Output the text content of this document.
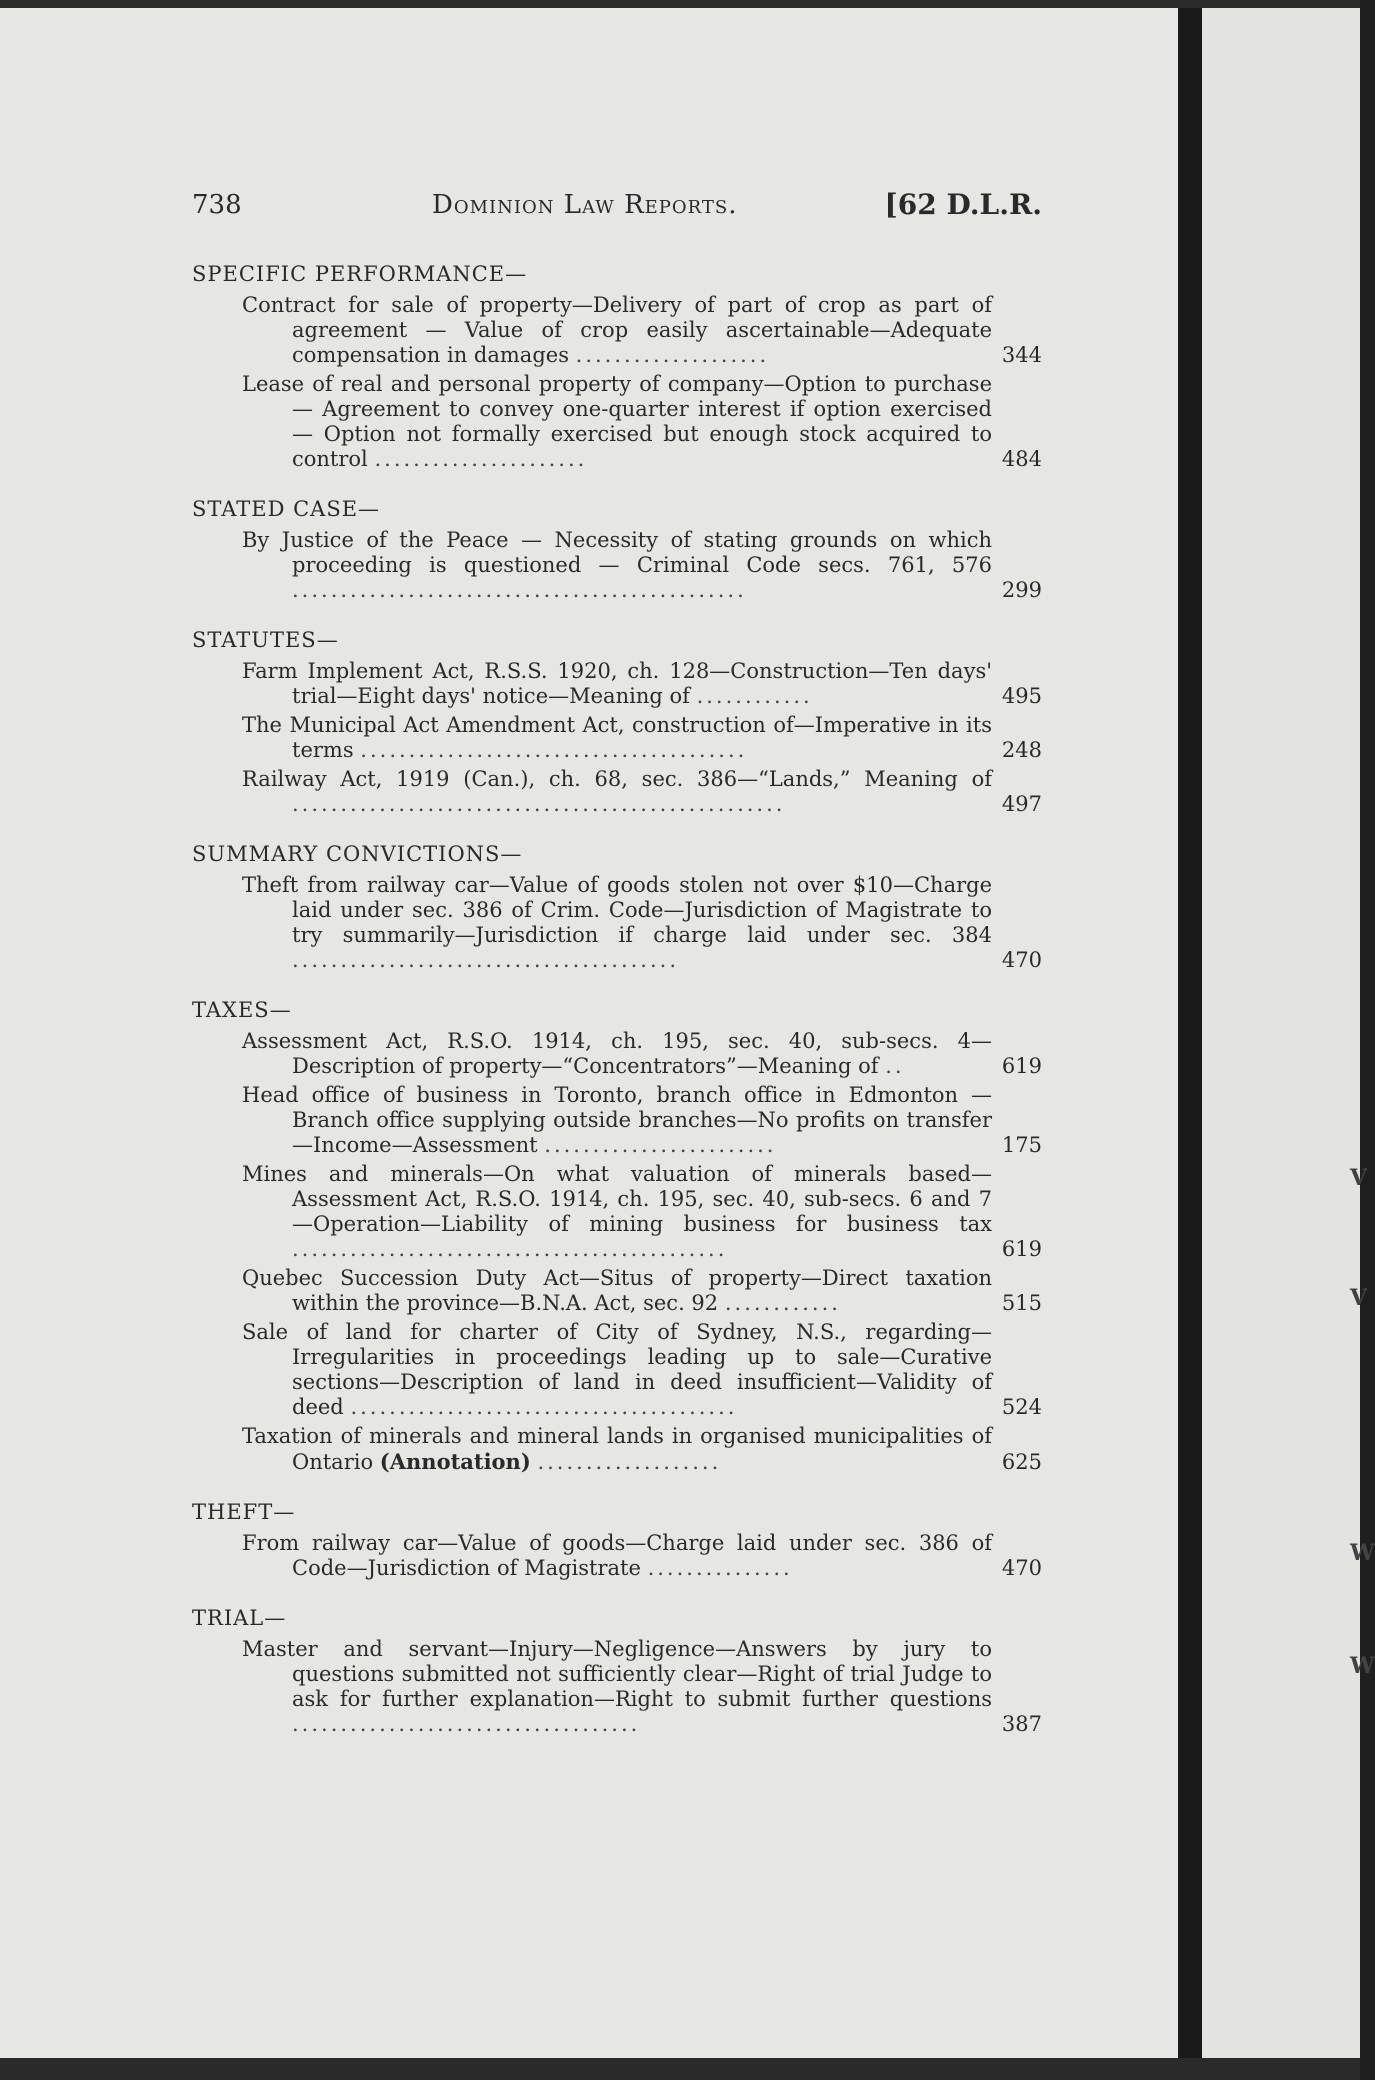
V
V
W
W
738	Dominion Law Reports.	[62 D.L.R.
SPECIFIC PERFORMANCE—
Contract for sale of property—Delivery of part of crop as part of agreement — Value of crop easily ascertainable—Adequate compensation in damages ....................	344
Lease of real and personal property of company—Option to purchase — Agreement to convey one-quarter interest if option exercised — Option not formally exercised but enough stock acquired to control ......................	484
STATED CASE—
By Justice of the Peace — Necessity of stating grounds on which proceeding is questioned — Criminal Code secs. 761, 576 ...............................................	299
STATUTES—
Farm Implement Act, R.S.S. 1920, ch. 128—Construction—Ten days' trial—Eight days' notice—Meaning of ............	495
The Municipal Act Amendment Act, construction of—Imperative in its terms ........................................	248
Railway Act, 1919 (Can.), ch. 68, sec. 386—“Lands,” Meaning of ...................................................	497
SUMMARY CONVICTIONS—
Theft from railway car—Value of goods stolen not over $10—Charge laid under sec. 386 of Crim. Code—Jurisdiction of Magistrate to try summarily—Jurisdiction if charge laid under sec. 384 ........................................	470
TAXES—
Assessment Act, R.S.O. 1914, ch. 195, sec. 40, sub-secs. 4—Description of property—“Concentrators”—Meaning of ..	619
Head office of business in Toronto, branch office in Edmonton —Branch office supplying outside branches—No profits on transfer—Income—Assessment ........................	175
Mines and minerals—On what valuation of minerals based—Assessment Act, R.S.O. 1914, ch. 195, sec. 40, sub-secs. 6 and 7—Operation—Liability of mining business for business tax .............................................	619
Quebec Succession Duty Act—Situs of property—Direct taxation within the province—B.N.A. Act, sec. 92 ............	515
Sale of land for charter of City of Sydney, N.S., regarding—Irregularities in proceedings leading up to sale—Curative sections—Description of land in deed insufficient—Validity of deed ........................................	524
Taxation of minerals and mineral lands in organised municipalities of Ontario (Annotation) ...................	625
THEFT—
From railway car—Value of goods—Charge laid under sec. 386 of Code—Jurisdiction of Magistrate ...............	470
TRIAL—
Master and servant—Injury—Negligence—Answers by jury to questions submitted not sufficiently clear—Right of trial Judge to ask for further explanation—Right to submit further questions ....................................	387
